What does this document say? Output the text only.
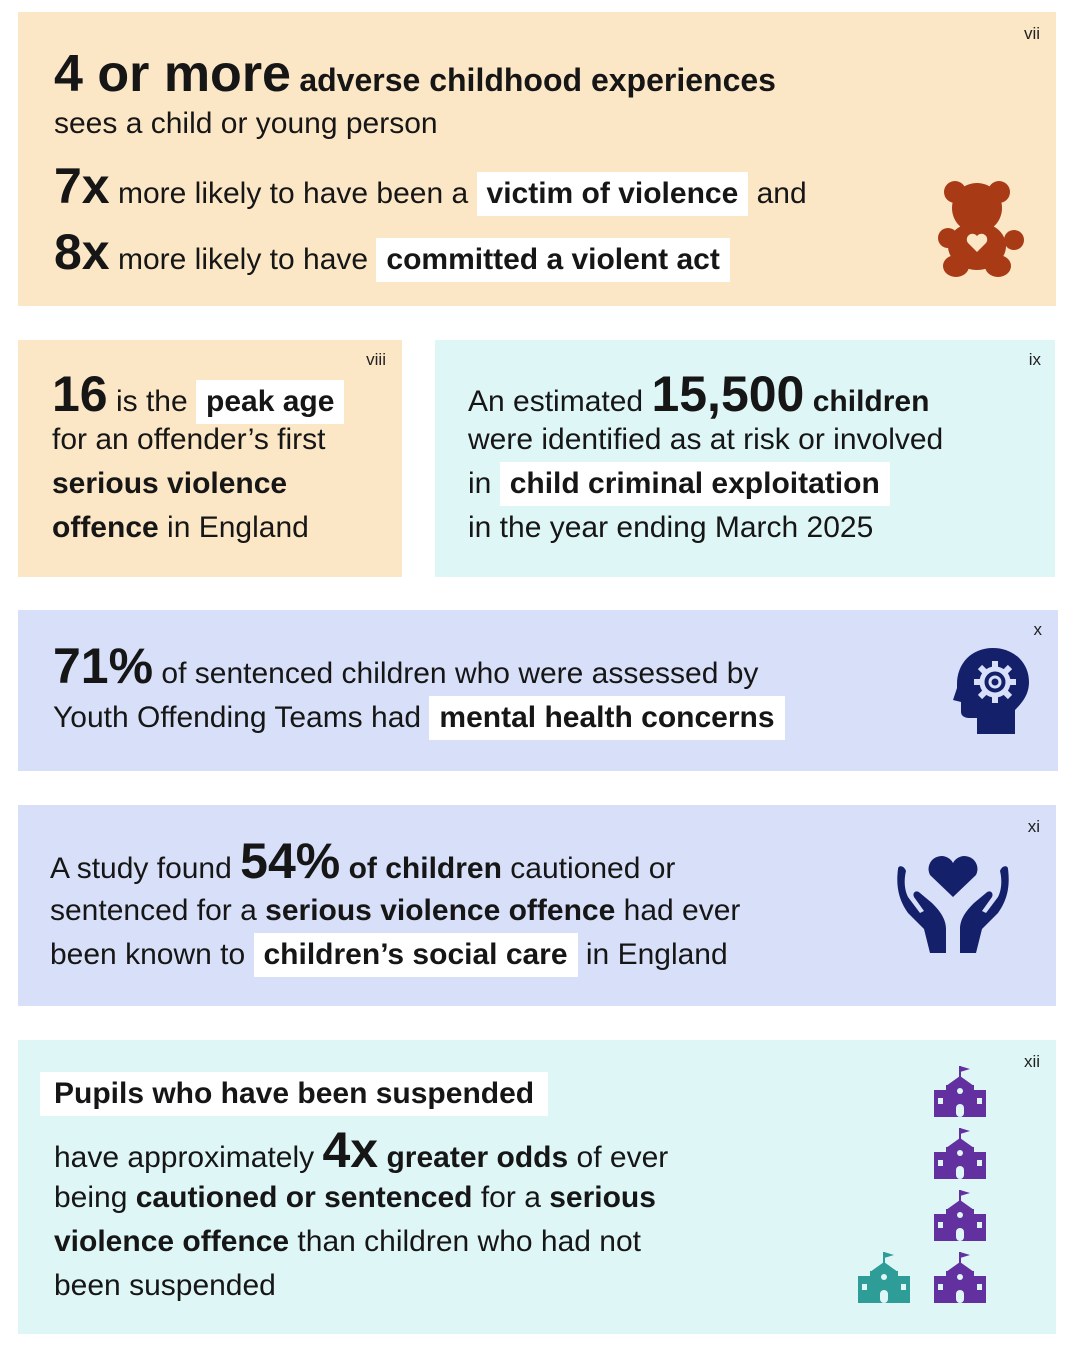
vii
4 or more adverse childhood experiences
sees a child or young person
7x more likely to have been a victim of violence and
8x more likely to have committed a violent act
viii
16 is the peak age
for an offender’s first
serious violence
offence in England
ix
An estimated 15,500 children
were identified as at risk or involved
in child criminal exploitation
in the year ending March 2025
x
71% of sentenced children who were assessed by
Youth Offending Teams had mental health concerns
xi
A study found 54% of children cautioned or
sentenced for a serious violence offence had ever
been known to children’s social care in England
xii
Pupils who have been suspended
have approximately 4x greater odds of ever
being cautioned or sentenced for a serious
violence offence than children who had not
been suspended
